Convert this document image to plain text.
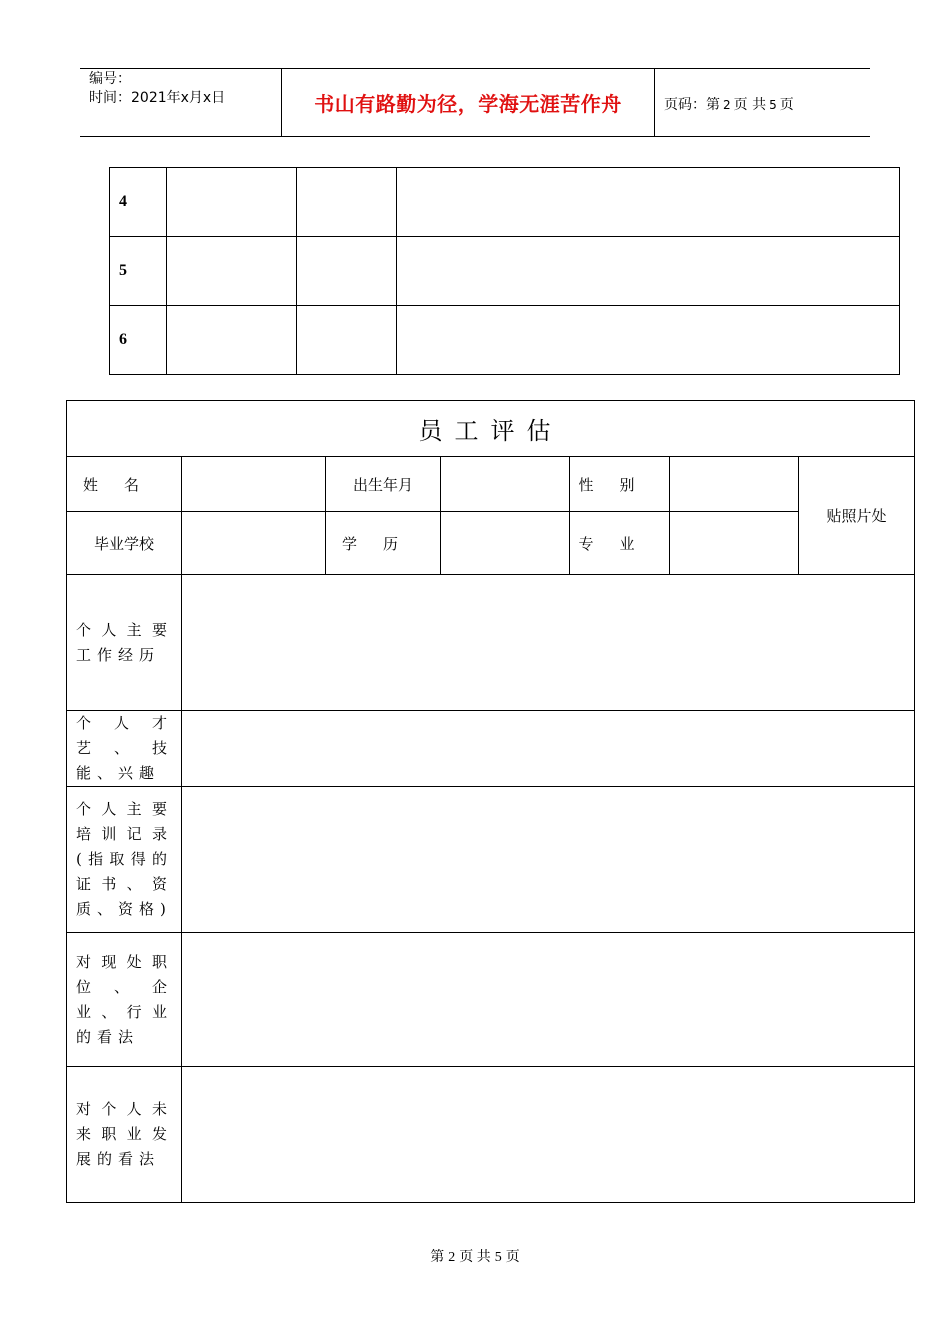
编号：
时间：2021年x月x日	书山有路勤为径，学海无涯苦作舟	页码：第 2 页 共 5 页
4			
5			
6			
员工评估						
姓名		出生年月		性别		贴照片处
毕业学校		学历		专业		
个人主要工作经历						
个人才艺、技能、兴趣						
个人主要培训记录(指取得的证书、资质、资格)						
对现处职位、企业、行业的看法						
对个人未来职业发展的看法						
第 2 页 共 5 页
